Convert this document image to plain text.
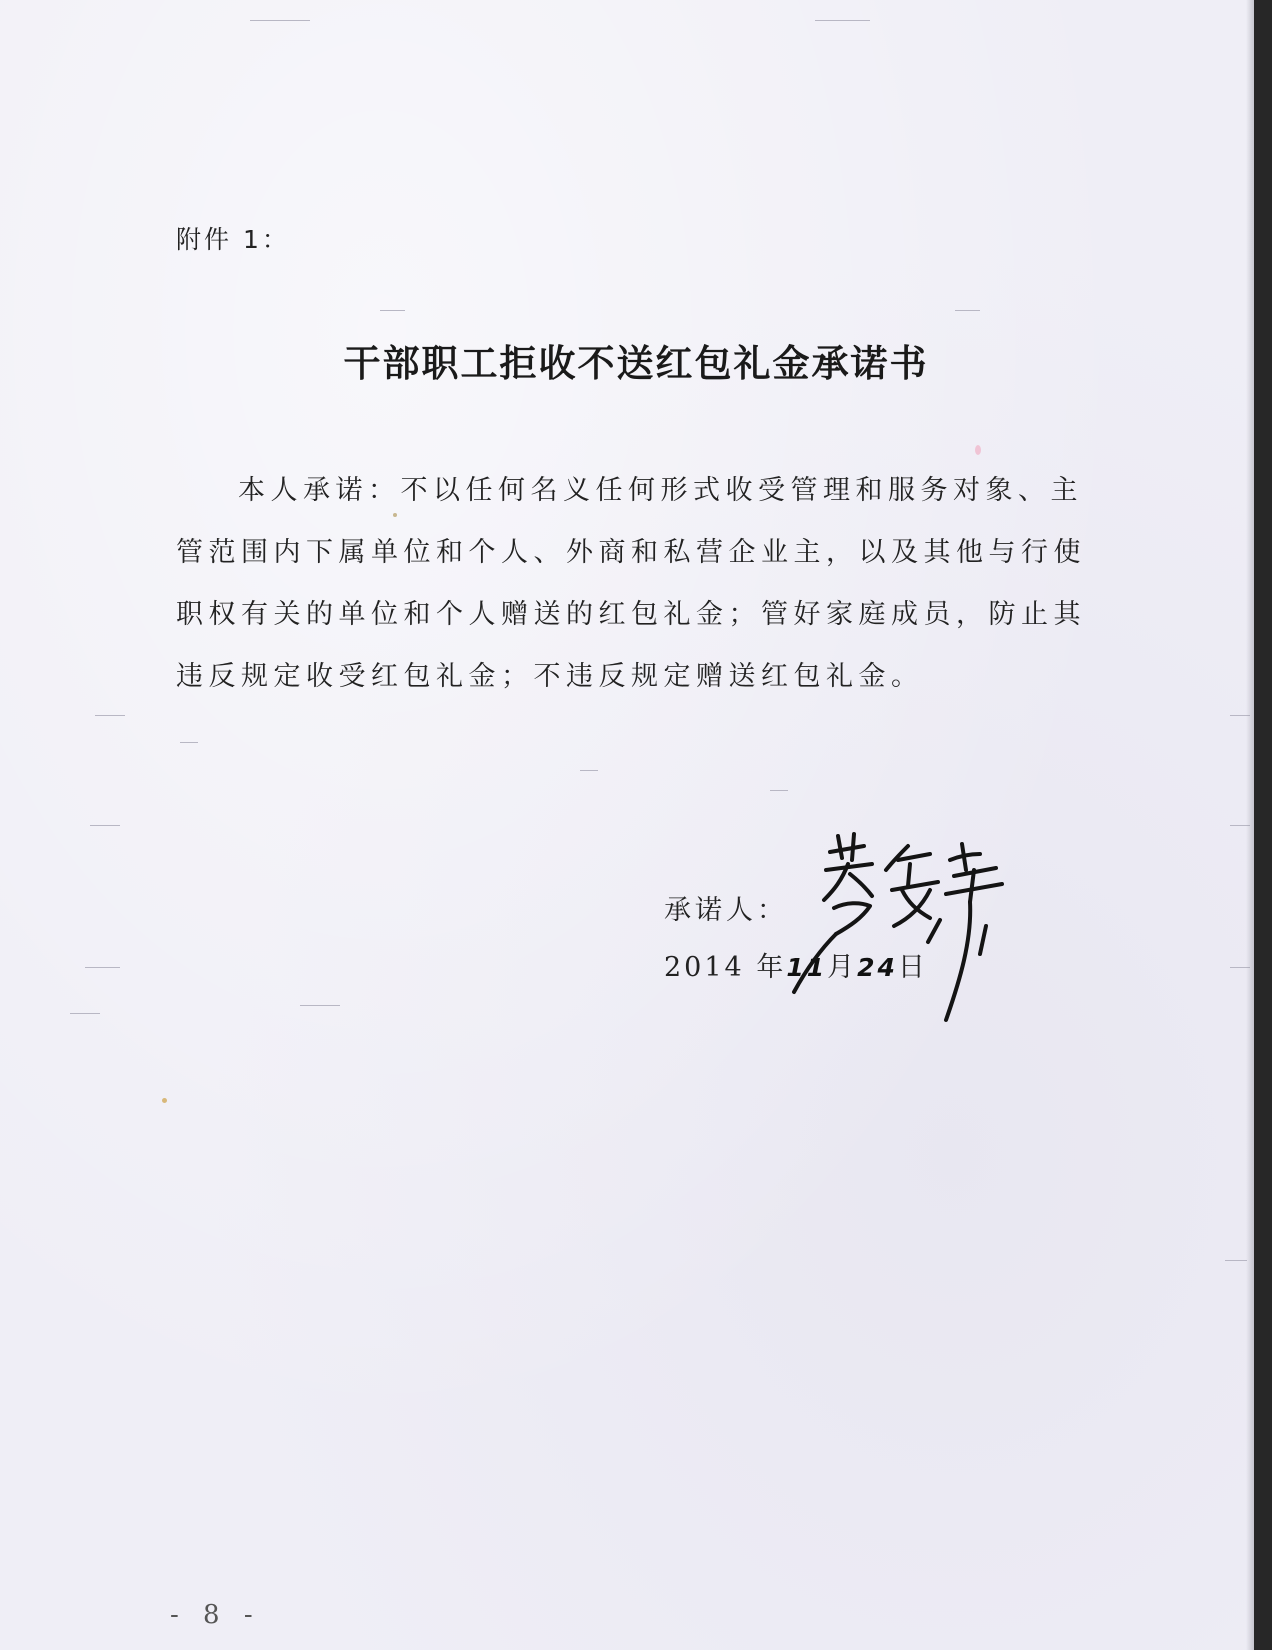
附件 1：
干部职工拒收不送红包礼金承诺书

本人承诺：不以任何名义任何形式收受管理和服务对象、主管范围内下属单位和个人、外商和私营企业主，以及其他与行使职权有关的单位和个人赠送的红包礼金；管好家庭成员，防止其违反规定收受红包礼金；不违反规定赠送红包礼金。

承诺人：
2014 年11月24日
- 8 -
